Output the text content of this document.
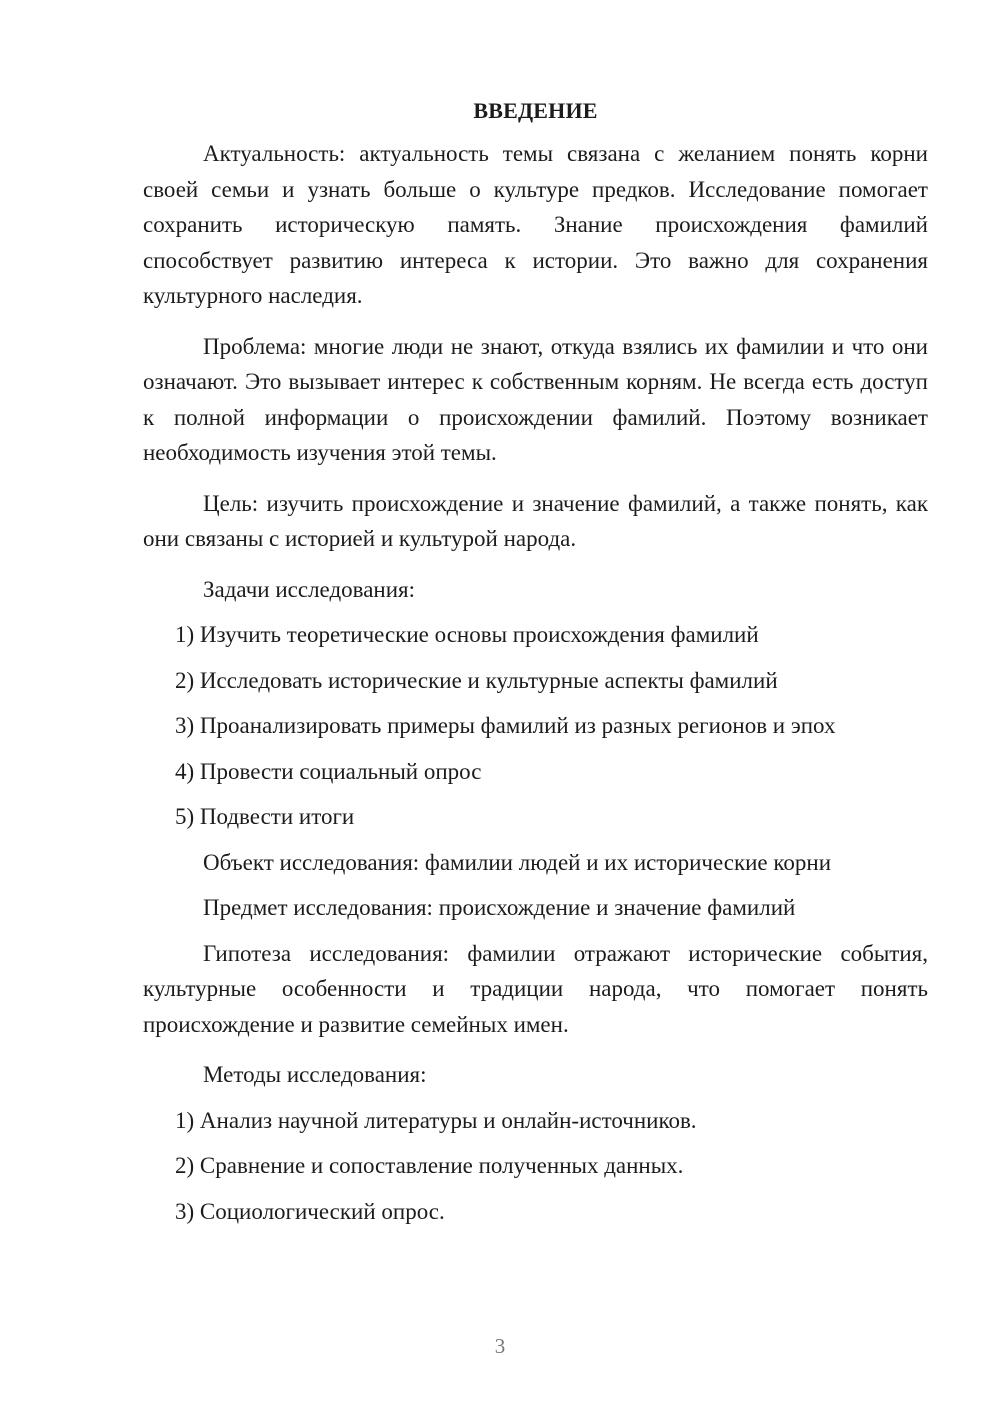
ВВЕДЕНИЕ

Актуальность: актуальность темы связана с желанием понять корни своей семьи и узнать больше о культуре предков. Исследование помогает сохранить историческую память. Знание происхождения фамилий способствует развитию интереса к истории. Это важно для сохранения культурного наследия.

Проблема: многие люди не знают, откуда взялись их фамилии и что они означают. Это вызывает интерес к собственным корням. Не всегда есть доступ к полной информации о происхождении фамилий. Поэтому возникает необходимость изучения этой темы.

Цель: изучить происхождение и значение фамилий, а также понять, как они связаны с историей и культурой народа.

Задачи исследования:
1) Изучить теоретические основы происхождения фамилий
2) Исследовать исторические и культурные аспекты фамилий
3) Проанализировать примеры фамилий из разных регионов и эпох
4) Провести социальный опрос
5) Подвести итоги
Объект исследования: фамилии людей и их исторические корни
Предмет исследования: происхождение и значение фамилий

Гипотеза исследования: фамилии отражают исторические события, культурные особенности и традиции народа, что помогает понять происхождение и развитие семейных имен.

Методы исследования:
1) Анализ научной литературы и онлайн-источников.
2) Сравнение и сопоставление полученных данных.
3) Социологический опрос.
3
